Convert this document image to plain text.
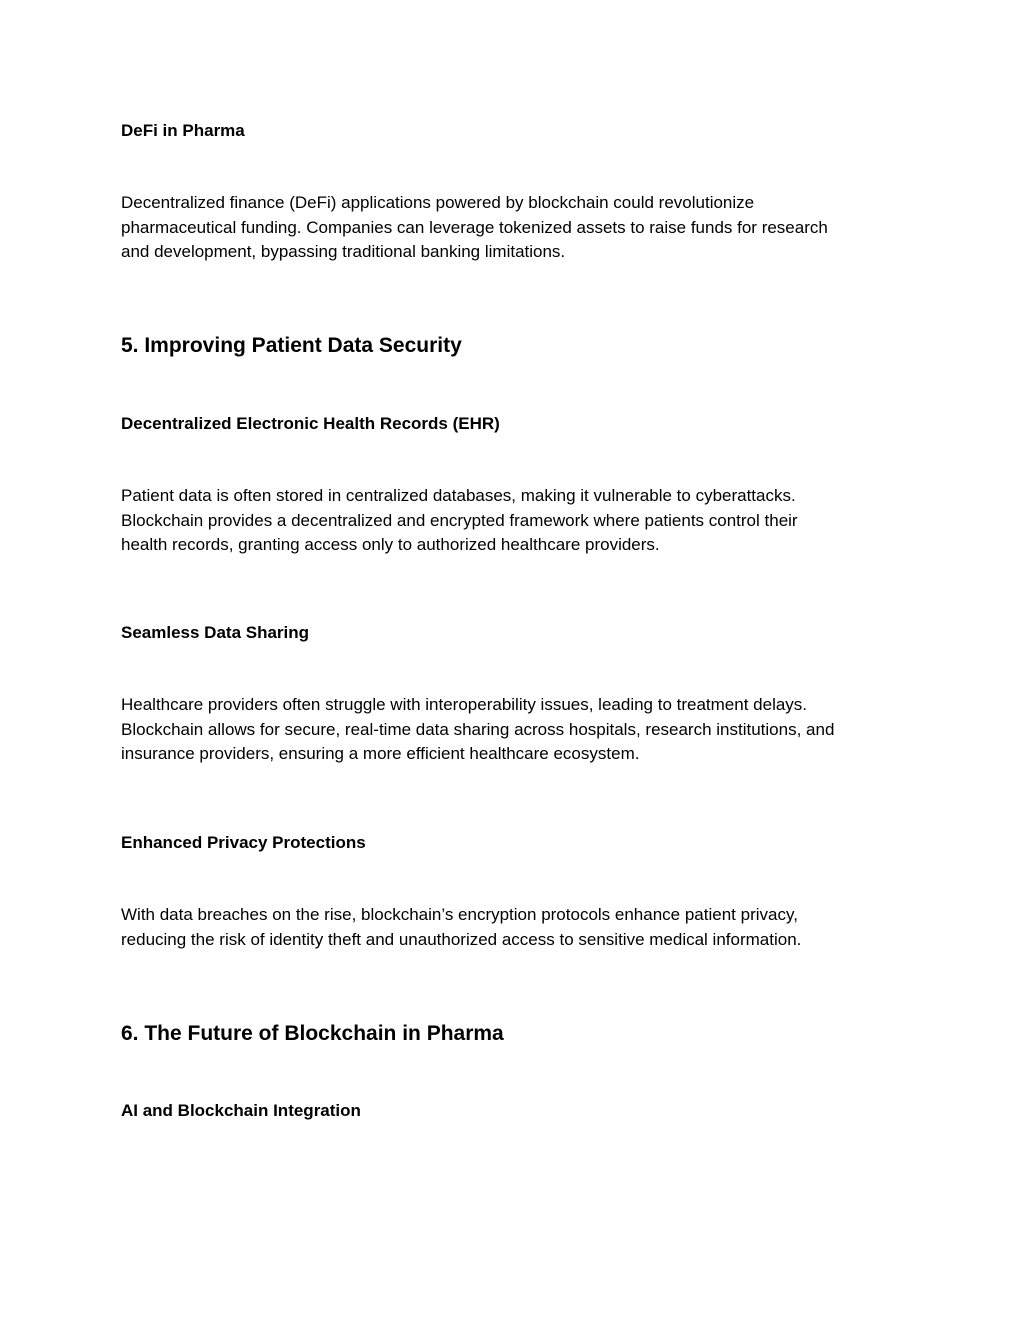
DeFi in Pharma
Decentralized finance (DeFi) applications powered by blockchain could revolutionize
pharmaceutical funding. Companies can leverage tokenized assets to raise funds for research
and development, bypassing traditional banking limitations.
5. Improving Patient Data Security
Decentralized Electronic Health Records (EHR)
Patient data is often stored in centralized databases, making it vulnerable to cyberattacks.
Blockchain provides a decentralized and encrypted framework where patients control their
health records, granting access only to authorized healthcare providers.
Seamless Data Sharing
Healthcare providers often struggle with interoperability issues, leading to treatment delays.
Blockchain allows for secure, real-time data sharing across hospitals, research institutions, and
insurance providers, ensuring a more efficient healthcare ecosystem.
Enhanced Privacy Protections
With data breaches on the rise, blockchain’s encryption protocols enhance patient privacy,
reducing the risk of identity theft and unauthorized access to sensitive medical information.
6. The Future of Blockchain in Pharma
AI and Blockchain Integration
